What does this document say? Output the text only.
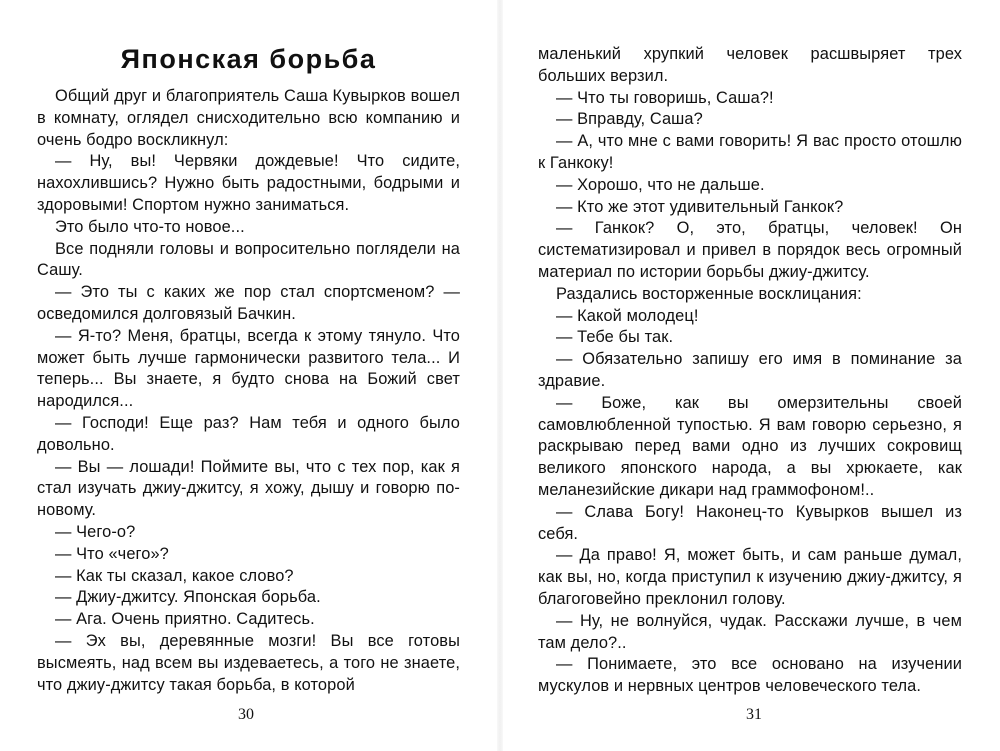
Японская борьба

Общий друг и благоприятель Саша Кувырков вошел в комнату, оглядел снисходительно всю компанию и очень бодро воскликнул:

— Ну, вы! Червяки дождевые! Что сидите, нахохлившись? Нужно быть радостными, бодрыми и здоровыми! Спортом нужно заниматься.

Это было что-то новое...

Все подняли головы и вопросительно поглядели на Сашу.

— Это ты с каких же пор стал спортсменом? — осведомился долговязый Бачкин.

— Я-то? Меня, братцы, всегда к этому тянуло. Что может быть лучше гармонически развитого тела... И теперь... Вы знаете, я будто снова на Божий свет народился...

— Господи! Еще раз? Нам тебя и одного было довольно.

— Вы — лошади! Поймите вы, что с тех пор, как я стал изучать джиу-джитсу, я хожу, дышу и говорю по-новому.

— Чего-о?

— Что «чего»?

— Как ты сказал, какое слово?

— Джиу-джитсу. Японская борьба.

— Ага. Очень приятно. Садитесь.

— Эх вы, деревянные мозги! Вы все готовы высмеять, над всем вы издеваетесь, а того не знаете, что джиу-джитсу такая борьба, в которой

30

маленький хрупкий человек расшвыряет трех больших верзил.

— Что ты говоришь, Саша?!

— Вправду, Саша?

— А, что мне с вами говорить! Я вас просто отошлю к Ганкоку!

— Хорошо, что не дальше.

— Кто же этот удивительный Ганкок?

— Ганкок? О, это, братцы, человек! Он систематизировал и привел в порядок весь огромный материал по истории борьбы джиу-джитсу.

Раздались восторженные восклицания:

— Какой молодец!

— Тебе бы так.

— Обязательно запишу его имя в поминание за здравие.

— Боже, как вы омерзительны своей самовлюбленной тупостью. Я вам говорю серьезно, я раскрываю перед вами одно из лучших сокровищ великого японского народа, а вы хрюкаете, как меланезийские дикари над граммофоном!..

— Слава Богу! Наконец-то Кувырков вышел из себя.

— Да право! Я, может быть, и сам раньше думал, как вы, но, когда приступил к изучению джиу-джитсу, я благоговейно преклонил голову.

— Ну, не волнуйся, чудак. Расскажи лучше, в чем там дело?..

— Понимаете, это все основано на изучении мускулов и нервных центров человеческого тела.

31
